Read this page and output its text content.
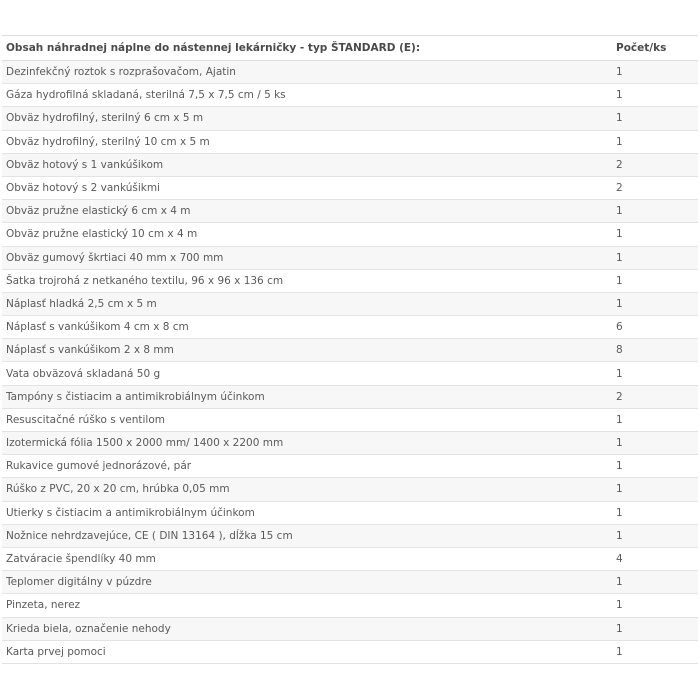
Obsah náhradnej náplne do nástennej lekárničky - typ ŠTANDARD (E):	Počet/ks
Dezinfekčný roztok s rozprašovačom, Ajatin	1
Gáza hydrofilná skladaná, sterilná 7,5 x 7,5 cm / 5 ks	1
Obväz hydrofilný, sterilný 6 cm x 5 m	1
Obväz hydrofilný, sterilný 10 cm x 5 m	1
Obväz hotový s 1 vankúšikom	2
Obväz hotový s 2 vankúšikmi	2
Obväz pružne elastický 6 cm x 4 m	1
Obväz pružne elastický 10 cm x 4 m	1
Obväz gumový škrtiaci 40 mm x 700 mm	1
Šatka trojrohá z netkaného textilu, 96 x 96 x 136 cm	1
Náplasť hladká 2,5 cm x 5 m	1
Náplasť s vankúšikom 4 cm x 8 cm	6
Náplasť s vankúšikom 2 x 8 mm	8
Vata obväzová skladaná 50 g	1
Tampóny s čistiacim a antimikrobiálnym účinkom	2
Resuscitačné rúško s ventilom	1
Izotermická fólia 1500 x 2000 mm/ 1400 x 2200 mm	1
Rukavice gumové jednorázové, pár	1
Rúško z PVC, 20 x 20 cm, hrúbka 0,05 mm	1
Utierky s čistiacim a antimikrobiálnym účinkom	1
Nožnice nehrdzavejúce, CE ( DIN 13164 ), dĺžka 15 cm	1
Zatváracie špendlíky 40 mm	4
Teplomer digitálny v púzdre	1
Pinzeta, nerez	1
Krieda biela, označenie nehody	1
Karta prvej pomoci	1
